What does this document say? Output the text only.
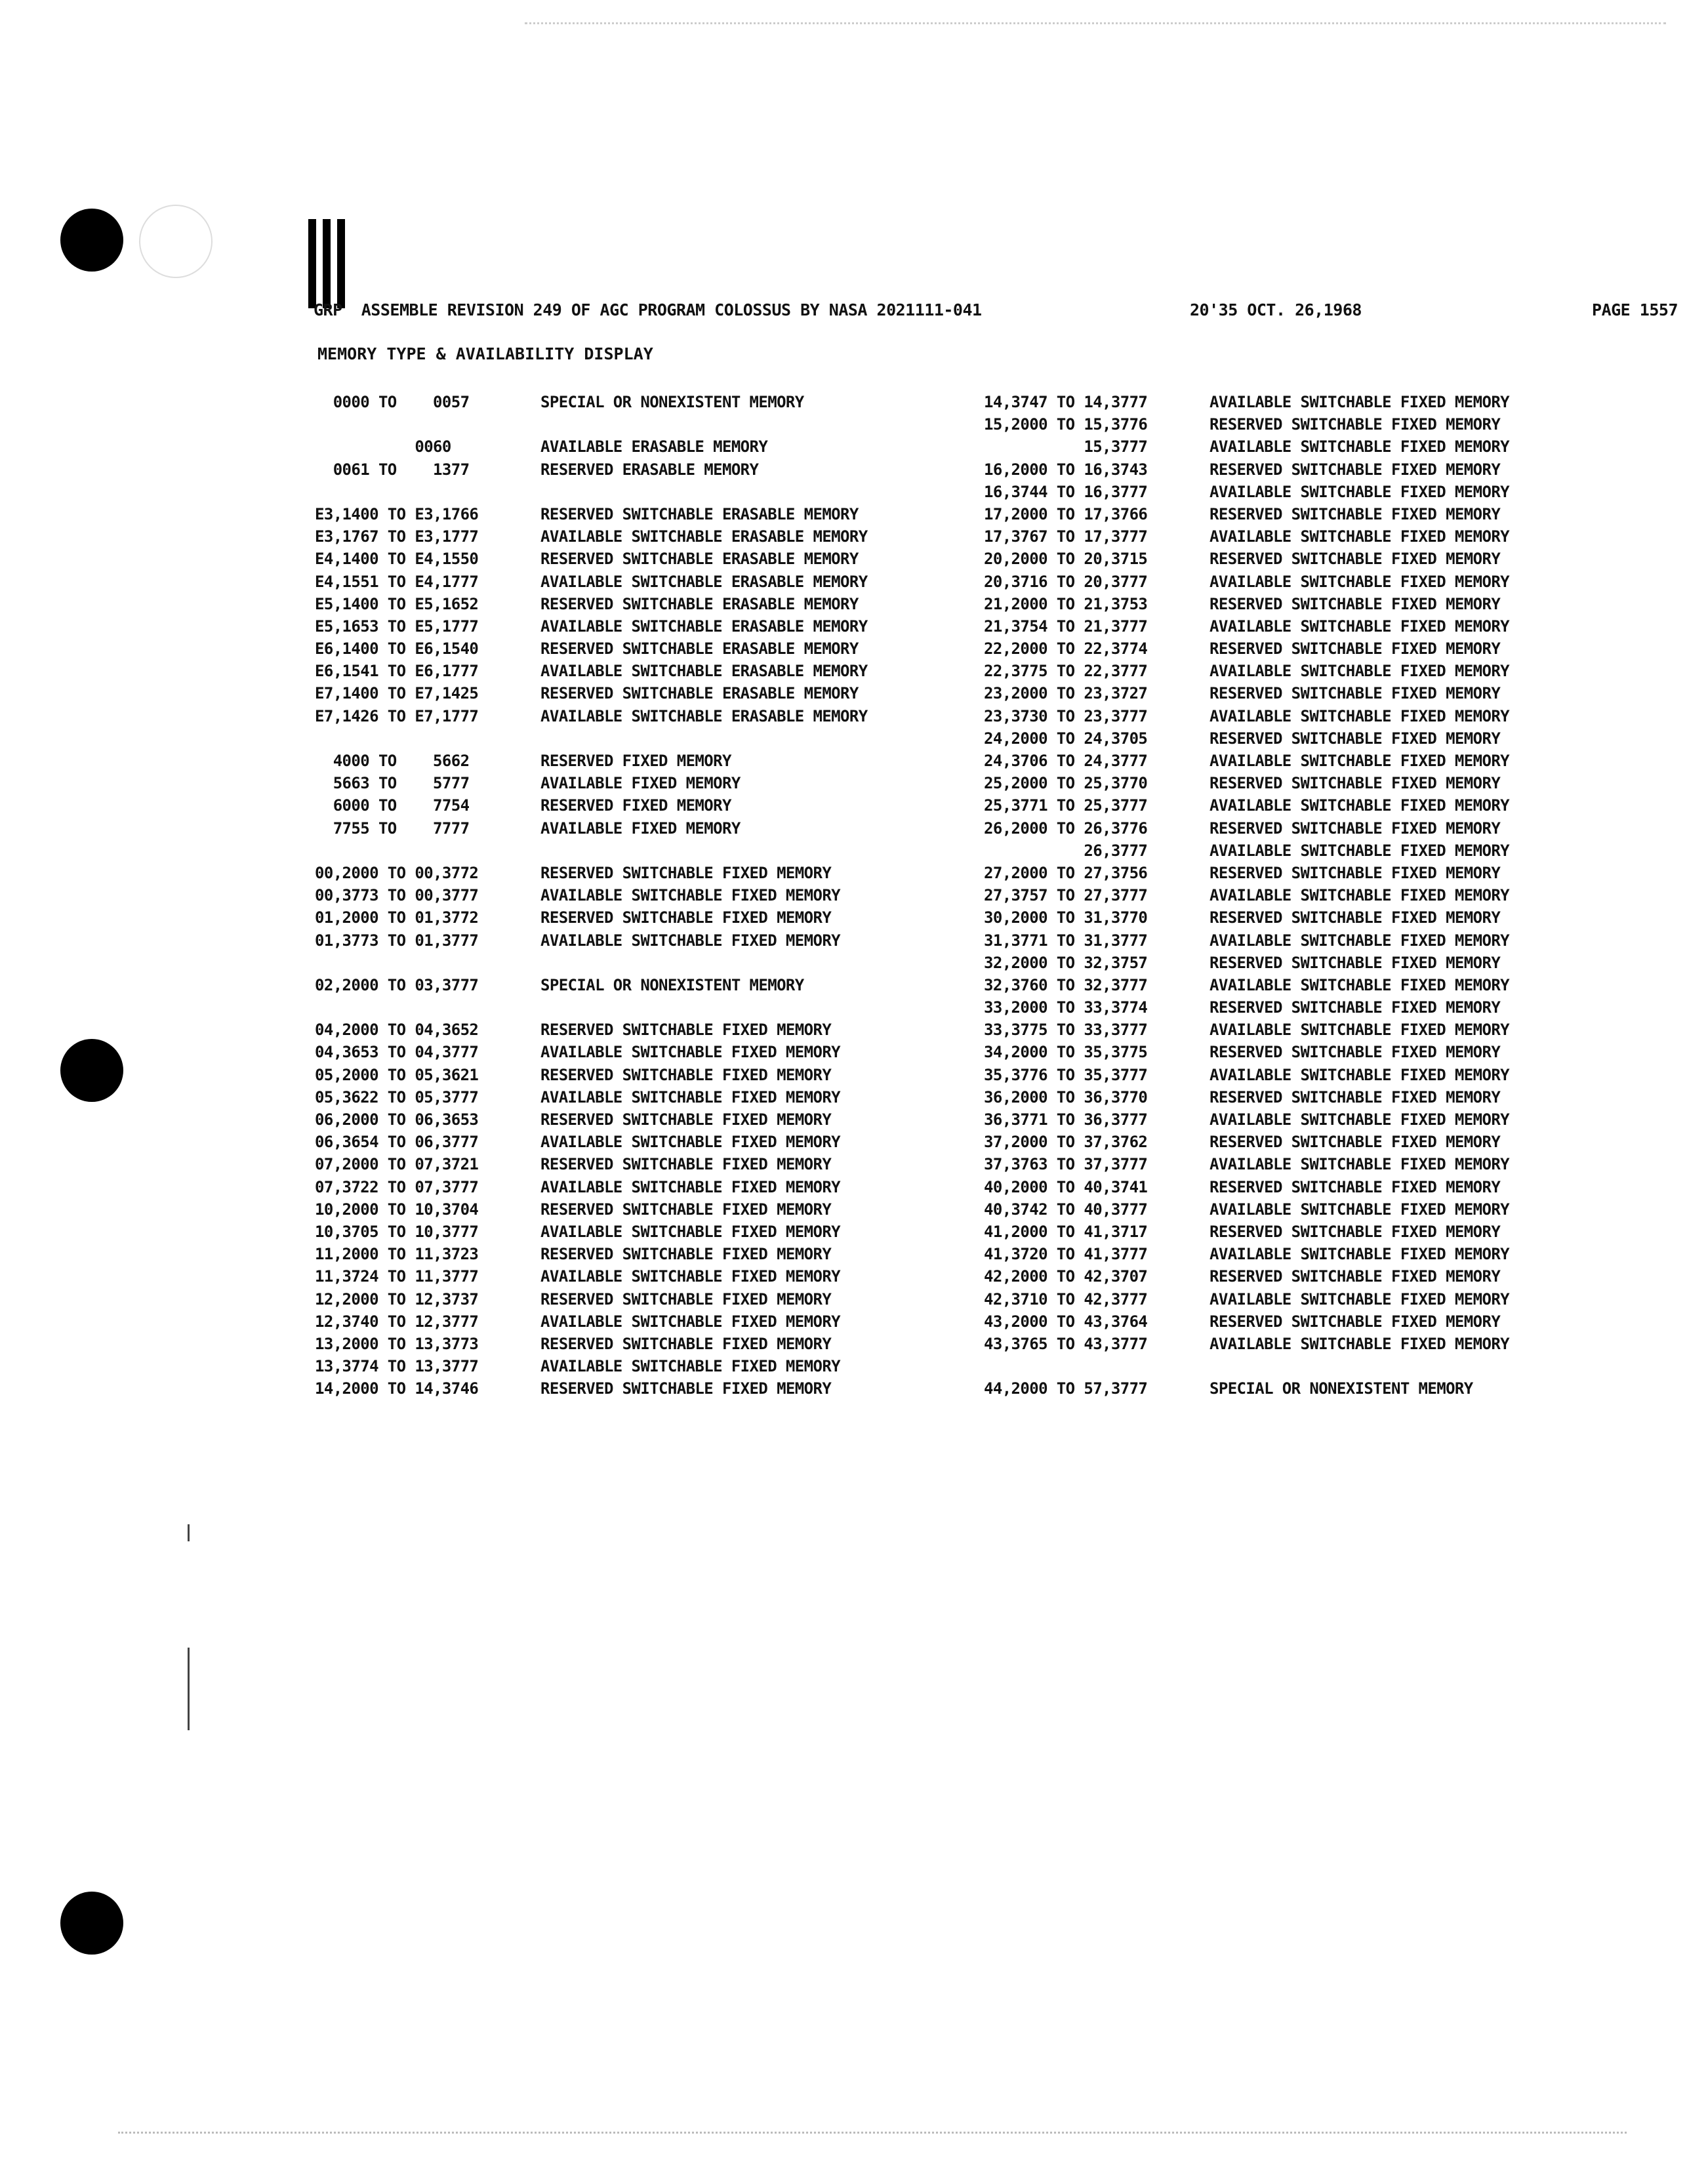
GRP  ASSEMBLE REVISION 249 OF AGC PROGRAM COLOSSUS BY NASA 2021111-041	20'35 OCT. 26,1968	PAGE 1557
MEMORY TYPE & AVAILABILITY DISPLAY
0000 TO    0057	SPECIAL OR NONEXISTENT MEMORY
0060	AVAILABLE ERASABLE MEMORY
0061 TO    1377	RESERVED ERASABLE MEMORY
E3,1400 TO E3,1766	RESERVED SWITCHABLE ERASABLE MEMORY
E3,1767 TO E3,1777	AVAILABLE SWITCHABLE ERASABLE MEMORY
E4,1400 TO E4,1550	RESERVED SWITCHABLE ERASABLE MEMORY
E4,1551 TO E4,1777	AVAILABLE SWITCHABLE ERASABLE MEMORY
E5,1400 TO E5,1652	RESERVED SWITCHABLE ERASABLE MEMORY
E5,1653 TO E5,1777	AVAILABLE SWITCHABLE ERASABLE MEMORY
E6,1400 TO E6,1540	RESERVED SWITCHABLE ERASABLE MEMORY
E6,1541 TO E6,1777	AVAILABLE SWITCHABLE ERASABLE MEMORY
E7,1400 TO E7,1425	RESERVED SWITCHABLE ERASABLE MEMORY
E7,1426 TO E7,1777	AVAILABLE SWITCHABLE ERASABLE MEMORY
4000 TO    5662	RESERVED FIXED MEMORY
5663 TO    5777	AVAILABLE FIXED MEMORY
6000 TO    7754	RESERVED FIXED MEMORY
7755 TO    7777	AVAILABLE FIXED MEMORY
00,2000 TO 00,3772	RESERVED SWITCHABLE FIXED MEMORY
00,3773 TO 00,3777	AVAILABLE SWITCHABLE FIXED MEMORY
01,2000 TO 01,3772	RESERVED SWITCHABLE FIXED MEMORY
01,3773 TO 01,3777	AVAILABLE SWITCHABLE FIXED MEMORY
02,2000 TO 03,3777	SPECIAL OR NONEXISTENT MEMORY
04,2000 TO 04,3652	RESERVED SWITCHABLE FIXED MEMORY
04,3653 TO 04,3777	AVAILABLE SWITCHABLE FIXED MEMORY
05,2000 TO 05,3621	RESERVED SWITCHABLE FIXED MEMORY
05,3622 TO 05,3777	AVAILABLE SWITCHABLE FIXED MEMORY
06,2000 TO 06,3653	RESERVED SWITCHABLE FIXED MEMORY
06,3654 TO 06,3777	AVAILABLE SWITCHABLE FIXED MEMORY
07,2000 TO 07,3721	RESERVED SWITCHABLE FIXED MEMORY
07,3722 TO 07,3777	AVAILABLE SWITCHABLE FIXED MEMORY
10,2000 TO 10,3704	RESERVED SWITCHABLE FIXED MEMORY
10,3705 TO 10,3777	AVAILABLE SWITCHABLE FIXED MEMORY
11,2000 TO 11,3723	RESERVED SWITCHABLE FIXED MEMORY
11,3724 TO 11,3777	AVAILABLE SWITCHABLE FIXED MEMORY
12,2000 TO 12,3737	RESERVED SWITCHABLE FIXED MEMORY
12,3740 TO 12,3777	AVAILABLE SWITCHABLE FIXED MEMORY
13,2000 TO 13,3773	RESERVED SWITCHABLE FIXED MEMORY
13,3774 TO 13,3777	AVAILABLE SWITCHABLE FIXED MEMORY
14,2000 TO 14,3746	RESERVED SWITCHABLE FIXED MEMORY
14,3747 TO 14,3777	AVAILABLE SWITCHABLE FIXED MEMORY
15,2000 TO 15,3776	RESERVED SWITCHABLE FIXED MEMORY
15,3777	AVAILABLE SWITCHABLE FIXED MEMORY
16,2000 TO 16,3743	RESERVED SWITCHABLE FIXED MEMORY
16,3744 TO 16,3777	AVAILABLE SWITCHABLE FIXED MEMORY
17,2000 TO 17,3766	RESERVED SWITCHABLE FIXED MEMORY
17,3767 TO 17,3777	AVAILABLE SWITCHABLE FIXED MEMORY
20,2000 TO 20,3715	RESERVED SWITCHABLE FIXED MEMORY
20,3716 TO 20,3777	AVAILABLE SWITCHABLE FIXED MEMORY
21,2000 TO 21,3753	RESERVED SWITCHABLE FIXED MEMORY
21,3754 TO 21,3777	AVAILABLE SWITCHABLE FIXED MEMORY
22,2000 TO 22,3774	RESERVED SWITCHABLE FIXED MEMORY
22,3775 TO 22,3777	AVAILABLE SWITCHABLE FIXED MEMORY
23,2000 TO 23,3727	RESERVED SWITCHABLE FIXED MEMORY
23,3730 TO 23,3777	AVAILABLE SWITCHABLE FIXED MEMORY
24,2000 TO 24,3705	RESERVED SWITCHABLE FIXED MEMORY
24,3706 TO 24,3777	AVAILABLE SWITCHABLE FIXED MEMORY
25,2000 TO 25,3770	RESERVED SWITCHABLE FIXED MEMORY
25,3771 TO 25,3777	AVAILABLE SWITCHABLE FIXED MEMORY
26,2000 TO 26,3776	RESERVED SWITCHABLE FIXED MEMORY
26,3777	AVAILABLE SWITCHABLE FIXED MEMORY
27,2000 TO 27,3756	RESERVED SWITCHABLE FIXED MEMORY
27,3757 TO 27,3777	AVAILABLE SWITCHABLE FIXED MEMORY
30,2000 TO 31,3770	RESERVED SWITCHABLE FIXED MEMORY
31,3771 TO 31,3777	AVAILABLE SWITCHABLE FIXED MEMORY
32,2000 TO 32,3757	RESERVED SWITCHABLE FIXED MEMORY
32,3760 TO 32,3777	AVAILABLE SWITCHABLE FIXED MEMORY
33,2000 TO 33,3774	RESERVED SWITCHABLE FIXED MEMORY
33,3775 TO 33,3777	AVAILABLE SWITCHABLE FIXED MEMORY
34,2000 TO 35,3775	RESERVED SWITCHABLE FIXED MEMORY
35,3776 TO 35,3777	AVAILABLE SWITCHABLE FIXED MEMORY
36,2000 TO 36,3770	RESERVED SWITCHABLE FIXED MEMORY
36,3771 TO 36,3777	AVAILABLE SWITCHABLE FIXED MEMORY
37,2000 TO 37,3762	RESERVED SWITCHABLE FIXED MEMORY
37,3763 TO 37,3777	AVAILABLE SWITCHABLE FIXED MEMORY
40,2000 TO 40,3741	RESERVED SWITCHABLE FIXED MEMORY
40,3742 TO 40,3777	AVAILABLE SWITCHABLE FIXED MEMORY
41,2000 TO 41,3717	RESERVED SWITCHABLE FIXED MEMORY
41,3720 TO 41,3777	AVAILABLE SWITCHABLE FIXED MEMORY
42,2000 TO 42,3707	RESERVED SWITCHABLE FIXED MEMORY
42,3710 TO 42,3777	AVAILABLE SWITCHABLE FIXED MEMORY
43,2000 TO 43,3764	RESERVED SWITCHABLE FIXED MEMORY
43,3765 TO 43,3777	AVAILABLE SWITCHABLE FIXED MEMORY
44,2000 TO 57,3777	SPECIAL OR NONEXISTENT MEMORY
